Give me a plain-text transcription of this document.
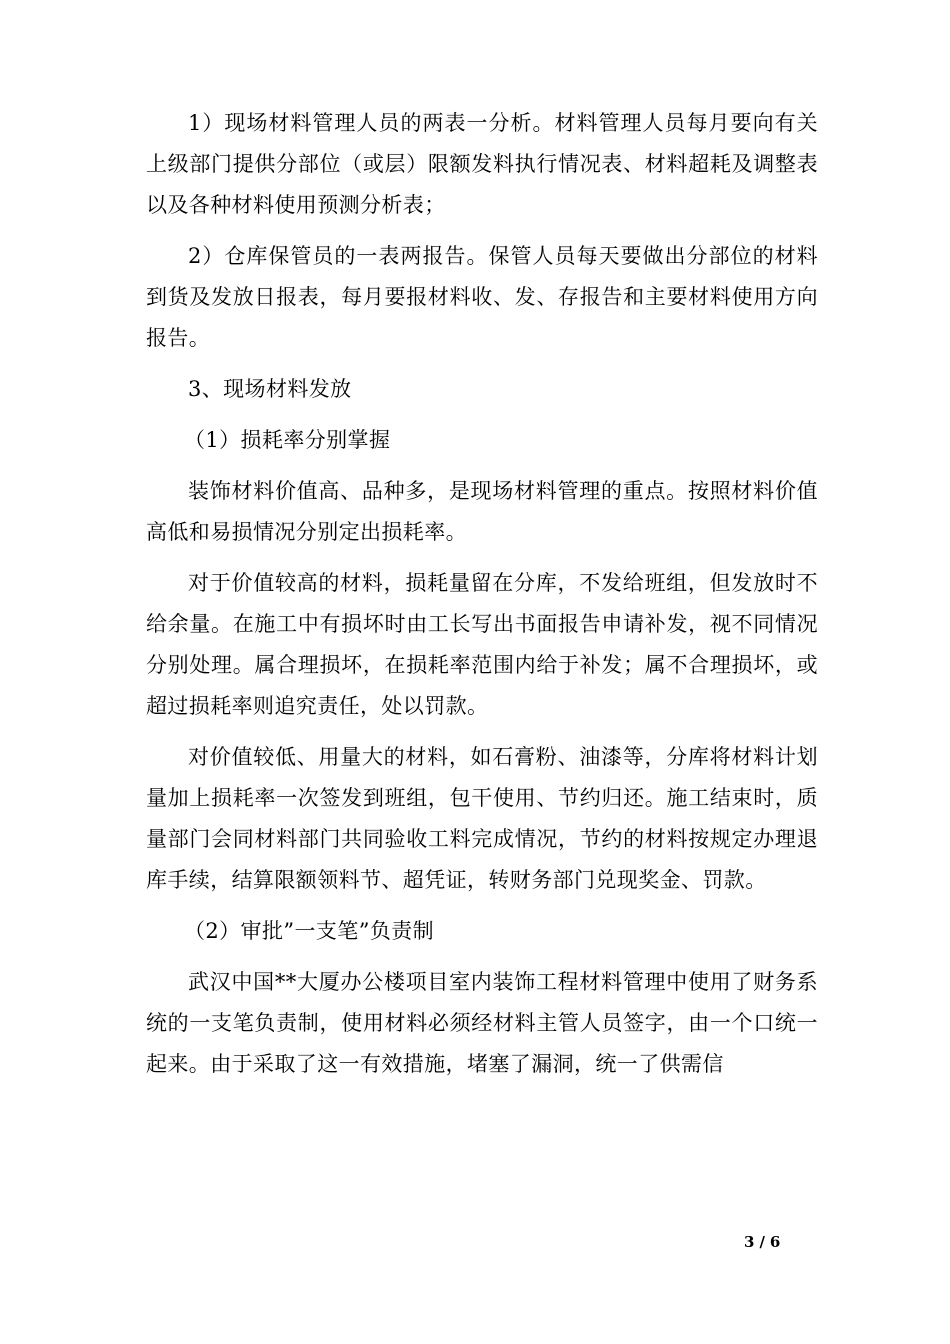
1）现场材料管理人员的两表一分析。材料管理人员每月要向有关上级部门提供分部位（或层）限额发料执行情况表、材料超耗及调整表以及各种材料使用预测分析表；

2）仓库保管员的一表两报告。保管人员每天要做出分部位的材料到货及发放日报表，每月要报材料收、发、存报告和主要材料使用方向报告。

3、现场材料发放

（1）损耗率分别掌握

装饰材料价值高、品种多，是现场材料管理的重点。按照材料价值高低和易损情况分别定出损耗率。

对于价值较高的材料，损耗量留在分库，不发给班组，但发放时不给余量。在施工中有损坏时由工长写出书面报告申请补发，视不同情况分别处理。属合理损坏，在损耗率范围内给于补发；属不合理损坏，或超过损耗率则追究责任，处以罚款。

对价值较低、用量大的材料，如石膏粉、油漆等，分库将材料计划量加上损耗率一次签发到班组，包干使用、节约归还。施工结束时，质量部门会同材料部门共同验收工料完成情况，节约的材料按规定办理退库手续，结算限额领料节、超凭证，转财务部门兑现奖金、罚款。

（2）审批”一支笔”负责制

武汉中国**大厦办公楼项目室内装饰工程材料管理中使用了财务系统的一支笔负责制，使用材料必须经材料主管人员签字，由一个口统一起来。由于采取了这一有效措施，堵塞了漏洞，统一了供需信

3 / 6
